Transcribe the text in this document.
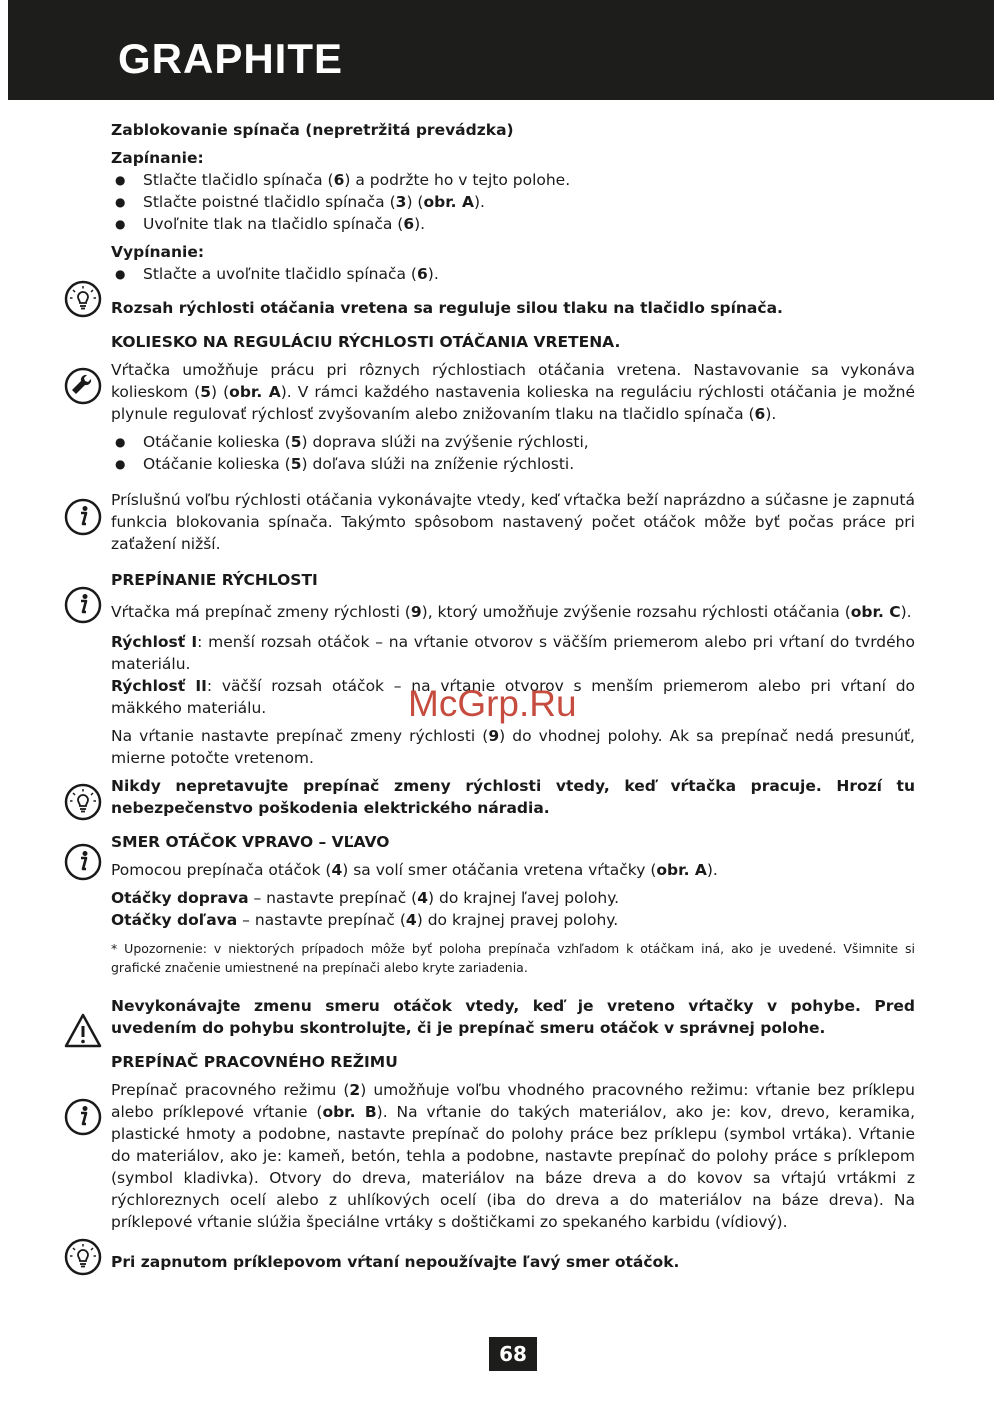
GRAPHITE

Zablokovanie spínača (nepretržitá prevádzka)

Zapínanie:

● Stlačte tlačidlo spínača (6) a podržte ho v tejto polohe.
● Stlačte poistné tlačidlo spínača (3) (obr. A).
● Uvoľnite tlak na tlačidlo spínača (6).

Vypínanie:

● Stlačte a uvoľnite tlačidlo spínača (6).

Rozsah rýchlosti otáčania vretena sa reguluje silou tlaku na tlačidlo spínača.

KOLIESKO NA REGULÁCIU RÝCHLOSTI OTÁČANIA VRETENA.

Vŕtačka umožňuje prácu pri rôznych rýchlostiach otáčania vretena. Nastavovanie sa vykonáva kolieskom (5) (obr. A). V rámci každého nastavenia kolieska na reguláciu rýchlosti otáčania je možné plynule regulovať rýchlosť zvyšovaním alebo znižovaním tlaku na tlačidlo spínača (6).

● Otáčanie kolieska (5) doprava slúži na zvýšenie rýchlosti,
● Otáčanie kolieska (5) doľava slúži na zníženie rýchlosti.

Príslušnú voľbu rýchlosti otáčania vykonávajte vtedy, keď vŕtačka beží naprázdno a súčasne je zapnutá funkcia blokovania spínača. Takýmto spôsobom nastavený počet otáčok môže byť počas práce pri zaťažení nižší.

PREPÍNANIE RÝCHLOSTI

Vŕtačka má prepínač zmeny rýchlosti (9), ktorý umožňuje zvýšenie rozsahu rýchlosti otáčania (obr. C).

Rýchlosť I: menší rozsah otáčok – na vŕtanie otvorov s väčším priemerom alebo pri vŕtaní do tvrdého materiálu.

Rýchlosť II: väčší rozsah otáčok – na vŕtanie otvorov s menším priemerom alebo pri vŕtaní do mäkkého materiálu.

Na vŕtanie nastavte prepínač zmeny rýchlosti (9) do vhodnej polohy. Ak sa prepínač nedá presunúť, mierne potočte vretenom.

Nikdy nepretavujte prepínač zmeny rýchlosti vtedy, keď vŕtačka pracuje. Hrozí tu nebezpečenstvo poškodenia elektrického náradia.

SMER OTÁČOK VPRAVO – VĽAVO

Pomocou prepínača otáčok (4) sa volí smer otáčania vretena vŕtačky (obr. A).

Otáčky doprava – nastavte prepínač (4) do krajnej ľavej polohy.

Otáčky doľava – nastavte prepínač (4) do krajnej pravej polohy.

* Upozornenie: v niektorých prípadoch môže byť poloha prepínača vzhľadom k otáčkam iná, ako je uvedené. Všimnite si grafické značenie umiestnené na prepínači alebo kryte zariadenia.

Nevykonávajte zmenu smeru otáčok vtedy, keď je vreteno vŕtačky v pohybe. Pred uvedením do pohybu skontrolujte, či je prepínač smeru otáčok v správnej polohe.

PREPÍNAČ PRACOVNÉHO REŽIMU

Prepínač pracovného režimu (2) umožňuje voľbu vhodného pracovného režimu: vŕtanie bez príklepu alebo príklepové vŕtanie (obr. B). Na vŕtanie do takých materiálov, ako je: kov, drevo, keramika, plastické hmoty a podobne, nastavte prepínač do polohy práce bez príklepu (symbol vrtáka). Vŕtanie do materiálov, ako je: kameň, betón, tehla a podobne, nastavte prepínač do polohy práce s príklepom (symbol kladivka). Otvory do dreva, materiálov na báze dreva a do kovov sa vŕtajú vrtákmi z rýchloreznych ocelí alebo z uhlíkových ocelí (iba do dreva a do materiálov na báze dreva). Na príklepové vŕtanie slúžia špeciálne vrtáky s doštičkami zo spekaného karbidu (vídiový).

Pri zapnutom príklepovom vŕtaní nepoužívajte ľavý smer otáčok.

McGrp.Ru
68
